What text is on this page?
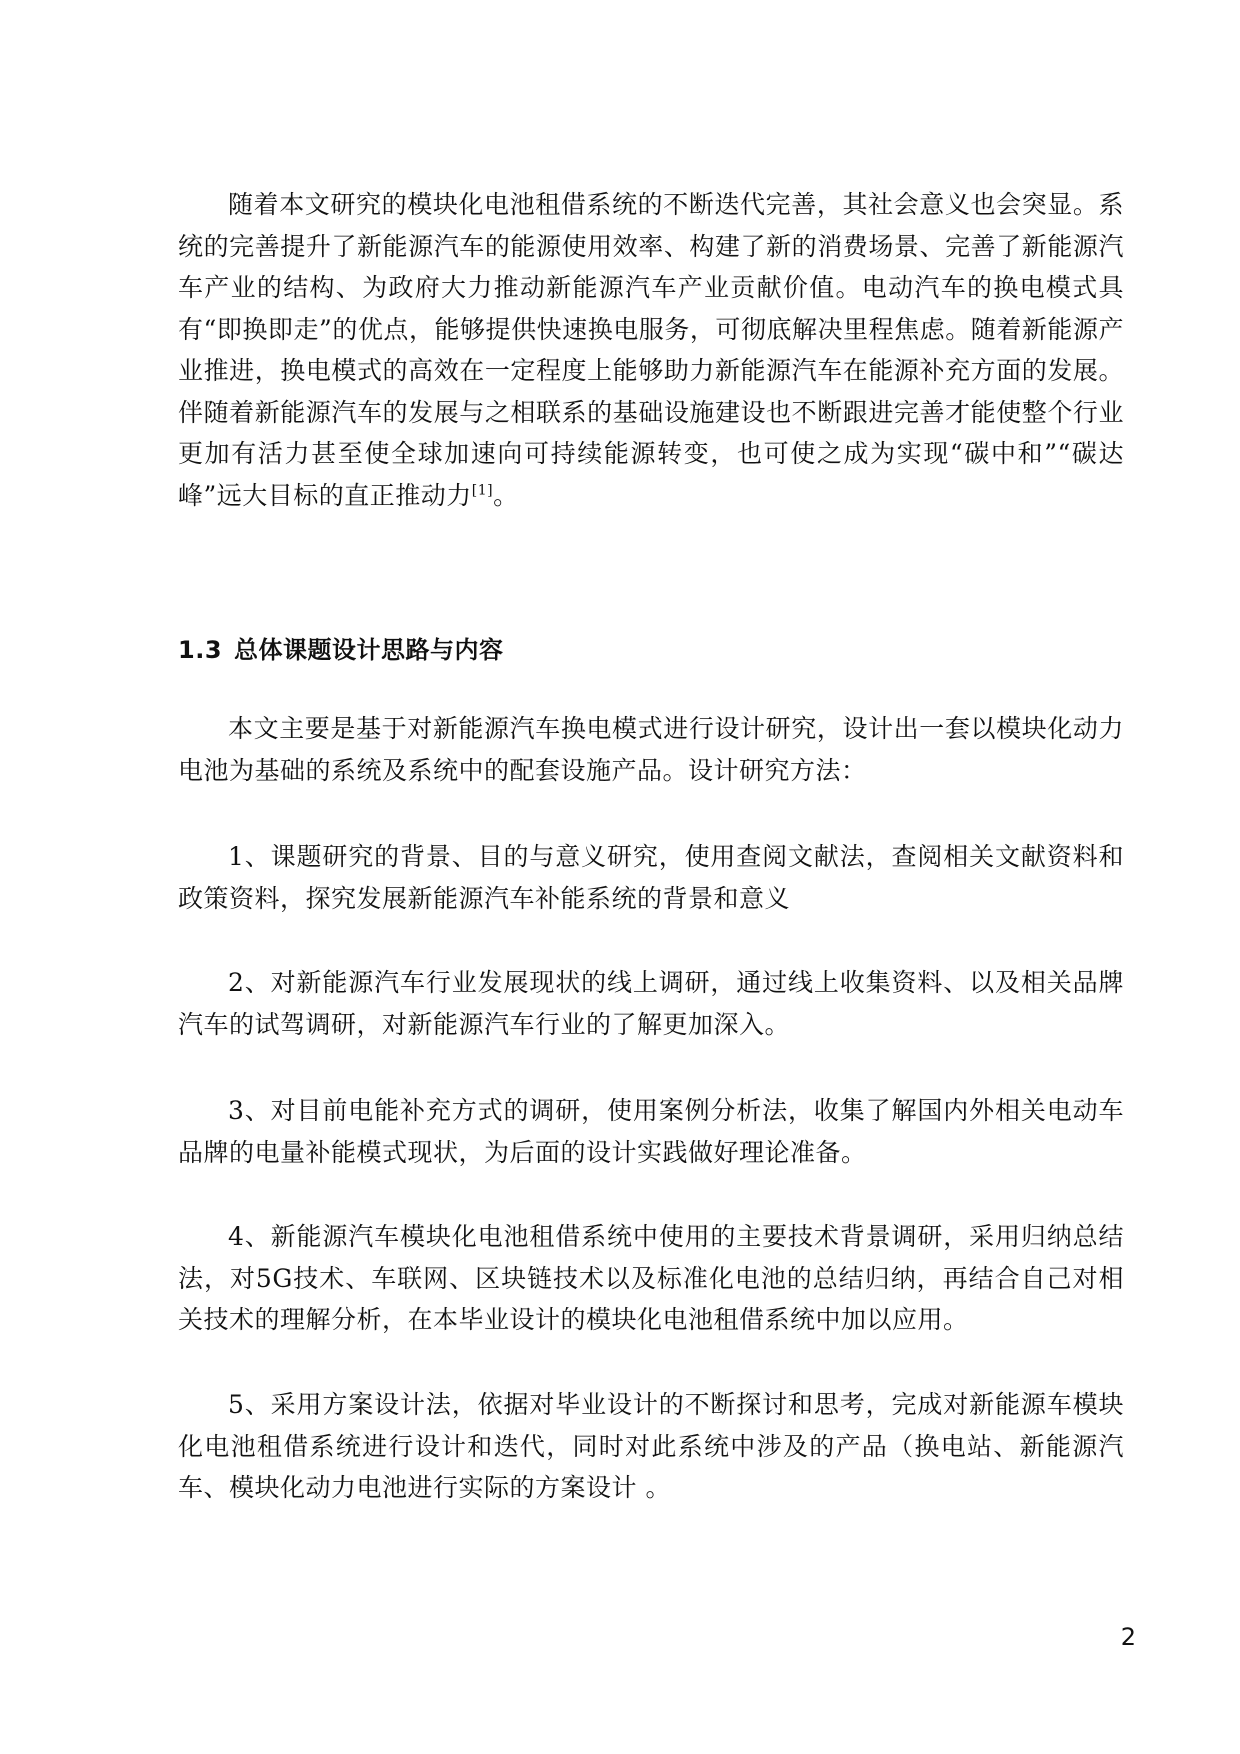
随着本文研究的模块化电池租借系统的不断迭代完善，其社会意义也会突显。系统的完善提升了新能源汽车的能源使用效率、构建了新的消费场景、完善了新能源汽车产业的结构、为政府大力推动新能源汽车产业贡献价值。电动汽车的换电模式具有“即换即走”的优点，能够提供快速换电服务，可彻底解决里程焦虑。随着新能源产业推进，换电模式的高效在一定程度上能够助力新能源汽车在能源补充方面的发展。伴随着新能源汽车的发展与之相联系的基础设施建设也不断跟进完善才能使整个行业更加有活力甚至使全球加速向可持续能源转变，也可使之成为实现“碳中和”“碳达峰”远大目标的直正推动力[1]。

1.3 总体课题设计思路与内容

本文主要是基于对新能源汽车换电模式进行设计研究，设计出一套以模块化动力电池为基础的系统及系统中的配套设施产品。设计研究方法：

1、课题研究的背景、目的与意义研究，使用查阅文献法，查阅相关文献资料和政策资料，探究发展新能源汽车补能系统的背景和意义

2、对新能源汽车行业发展现状的线上调研，通过线上收集资料、以及相关品牌汽车的试驾调研，对新能源汽车行业的了解更加深入。

3、对目前电能补充方式的调研，使用案例分析法，收集了解国内外相关电动车品牌的电量补能模式现状，为后面的设计实践做好理论准备。

4、新能源汽车模块化电池租借系统中使用的主要技术背景调研，采用归纳总结法，对5G技术、车联网、区块链技术以及标准化电池的总结归纳，再结合自己对相关技术的理解分析，在本毕业设计的模块化电池租借系统中加以应用。

5、采用方案设计法，依据对毕业设计的不断探讨和思考，完成对新能源车模块化电池租借系统进行设计和迭代，同时对此系统中涉及的产品（换电站、新能源汽车、模块化动力电池进行实际的方案设计 。

2
